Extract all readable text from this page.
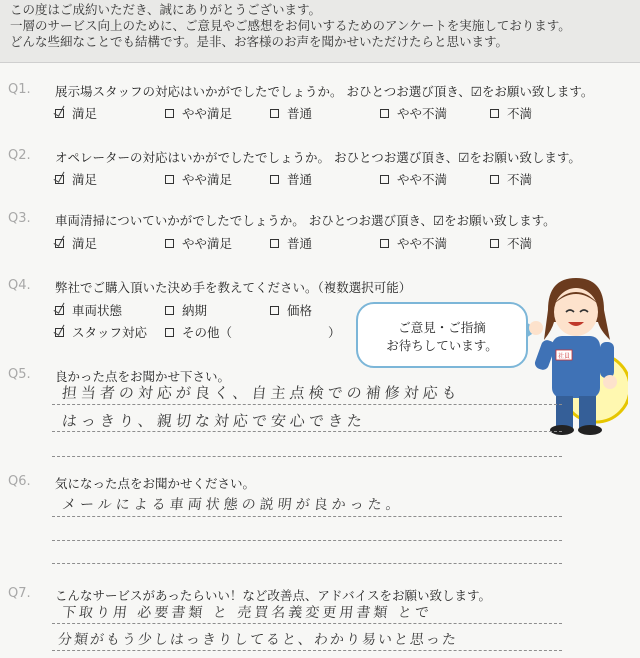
この度はご成約いただき、誠にありがとうございます。
一層のサービス向上のために、ご意見やご感想をお伺いするためのアンケートを実施しております。
どんな些細なことでも結構です。是非、お客様のお声を聞かせいただけたらと思います。
Q1. 展示場スタッフの対応はいかがでしたでしょうか。 おひとつお選び頂き、☑をお願い致します。
満足	やや満足	普通	やや不満	不満
Q2. オペレーターの対応はいかがでしたでしょうか。 おひとつお選び頂き、☑をお願い致します。
満足	やや満足	普通	やや不満	不満
Q3. 車両清掃についていかがでしたでしょうか。 おひとつお選び頂き、☑をお願い致します。
満足	やや満足	普通	やや不満	不満
Q4. 弊社でご購入頂いた決め手を教えてください。（複数選択可能）
車両状態	納期	価格
スタッフ対応	その他（	）	ご意見・ご指摘
お待ちしています。
社員
Q5. 良かった点をお聞かせ下さい。
担当者の対応が良く、自主点検での補修対応も
はっきり、親切な対応で安心できた
Q6. 気になった点をお聞かせください。
メールによる車両状態の説明が良かった。
Q7. こんなサービスがあったらいい！など改善点、アドバイスをお願い致します。
下取り用 必要書類 と 売買名義変更用書類 とで
分類がもう少しはっきりしてると、わかり易いと思った
